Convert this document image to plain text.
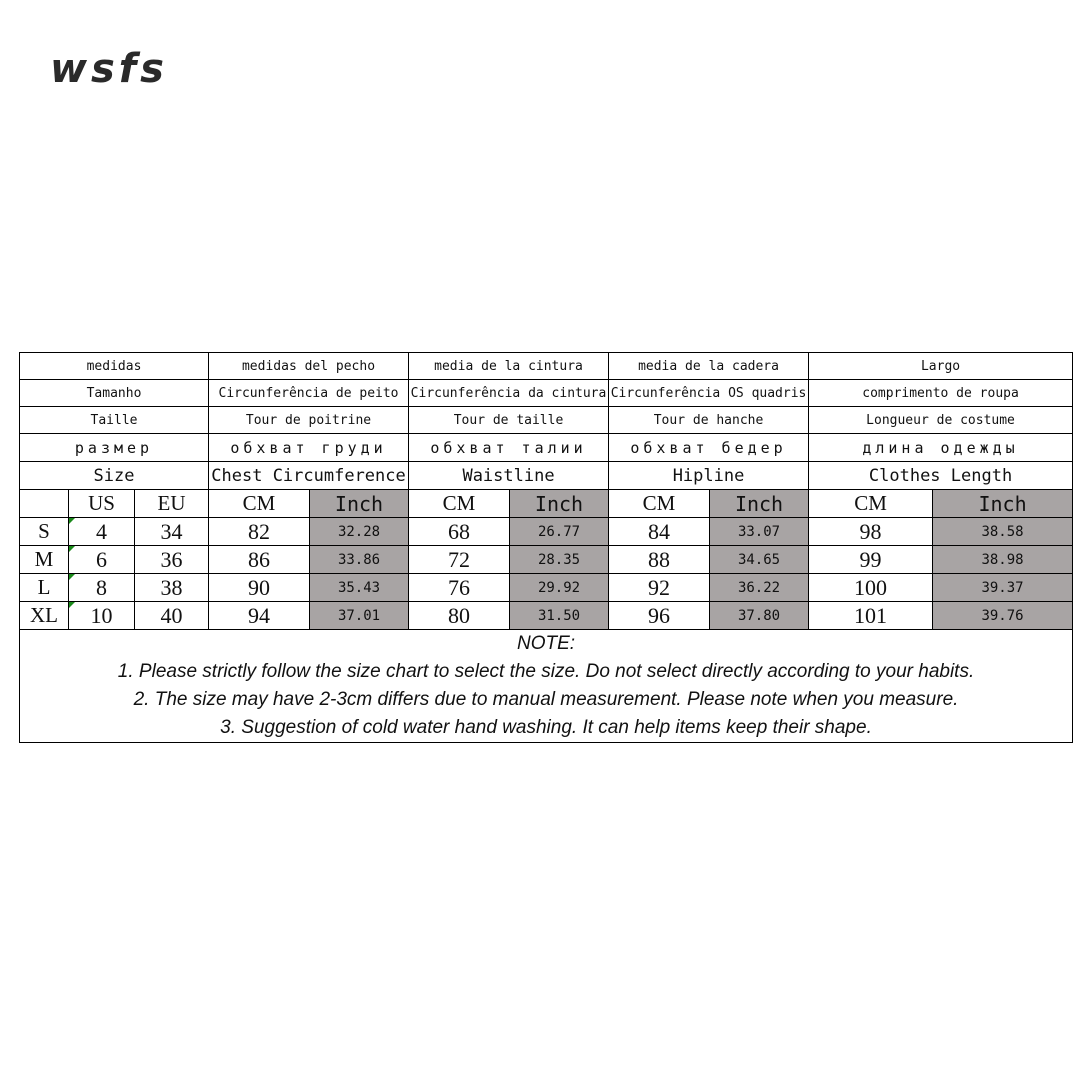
wsfs
medidas			medidas del pecho		media de la cintura		media de la cadera		Largo	
Tamanho			Circunferência de peito		Circunferência da cintura		Circunferência OS quadris		comprimento de roupa	
Taille			Tour de poitrine		Tour de taille		Tour de hanche		Longueur de costume	
размер			обхват груди		обхват талии		обхват бедер		длина одежды	
Size			Chest Circumference		Waistline		Hipline		Clothes Length	
	US	EU	CM	Inch	CM	Inch	CM	Inch	CM	Inch
S	4	34	82	32.28	68	26.77	84	33.07	98	38.58
M	6	36	86	33.86	72	28.35	88	34.65	99	38.98
L	8	38	90	35.43	76	29.92	92	36.22	100	39.37
XL	10	40	94	37.01	80	31.50	96	37.80	101	39.76

NOTE:
1. Please strictly follow the size chart to select the size. Do not select directly according to your habits.
2. The size may have 2-3cm differs due to manual measurement. Please note when you measure.
3. Suggestion of cold water hand washing. It can help items keep their shape.										
